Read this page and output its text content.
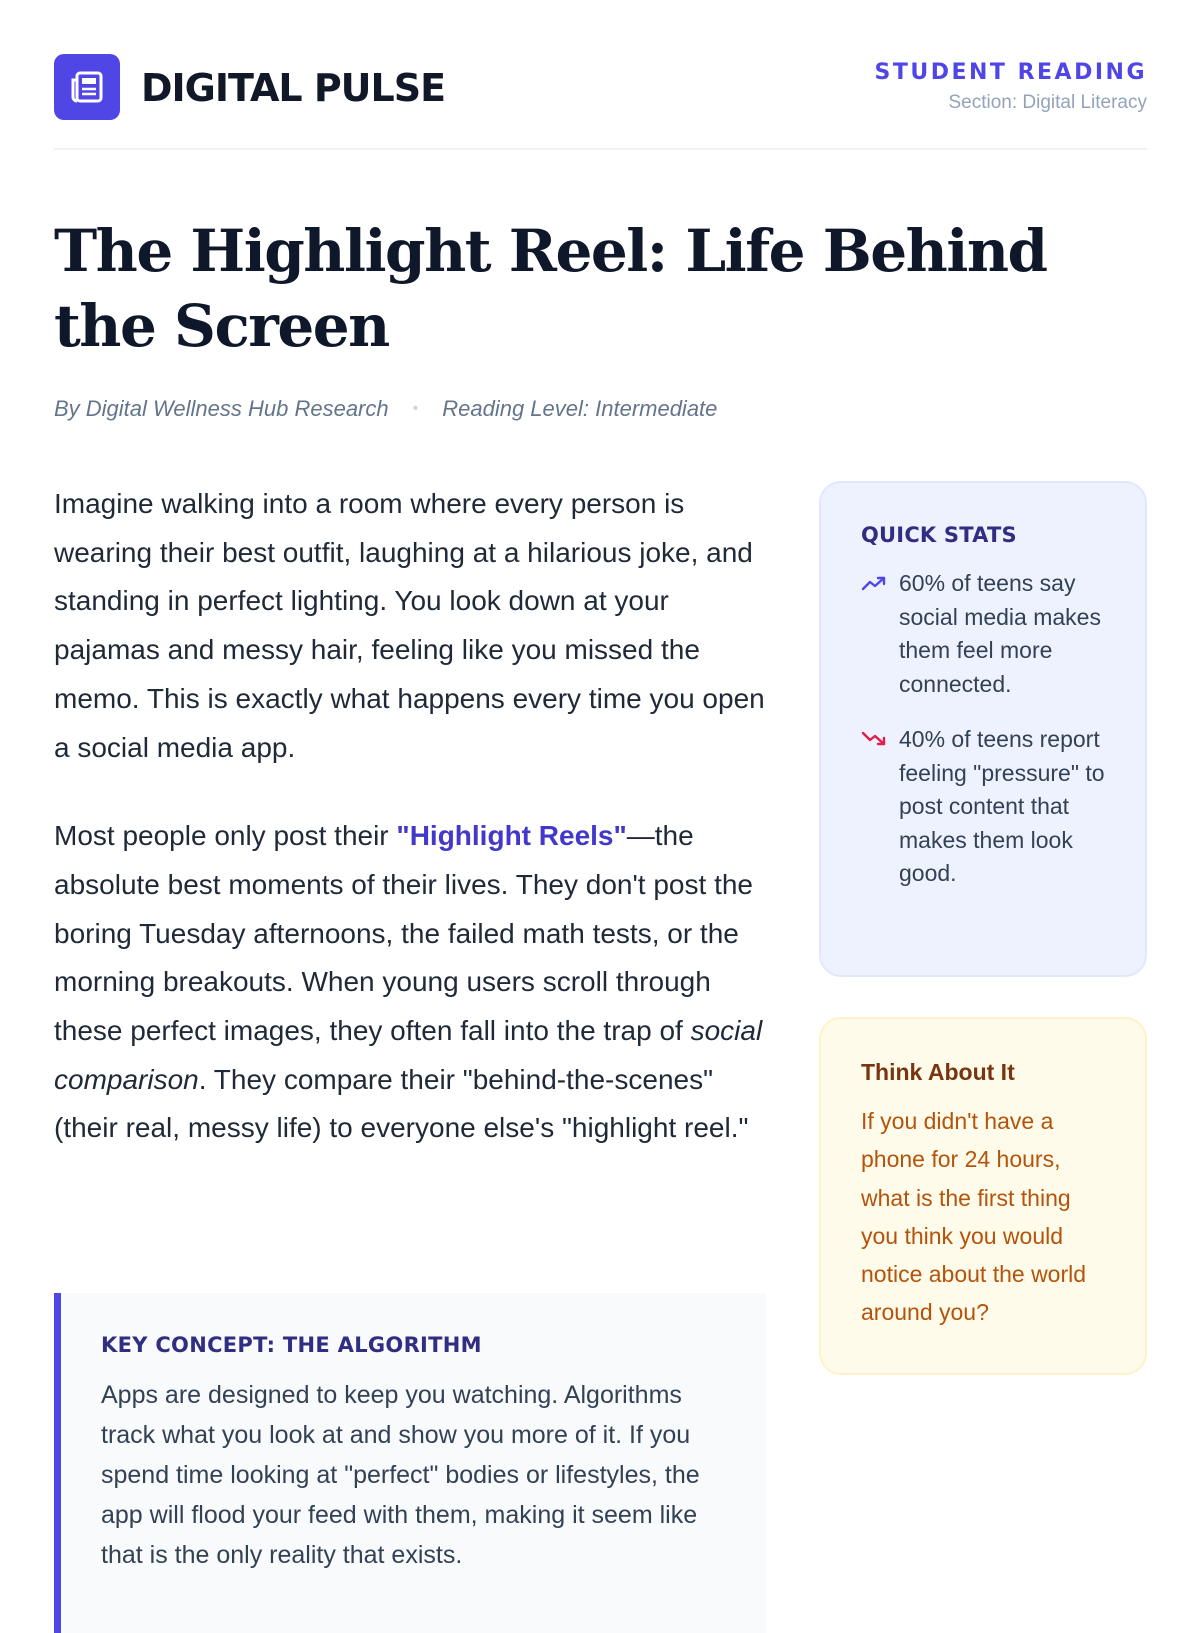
DIGITAL PULSE	STUDENT READING
Section: Digital Literacy
The Highlight Reel: Life Behind the Screen
By Digital Wellness Hub Research • Reading Level: Intermediate

Imagine walking into a room where every person is wearing their best outfit, laughing at a hilarious joke, and standing in perfect lighting. You look down at your pajamas and messy hair, feeling like you missed the memo. This is exactly what happens every time you open a social media app.

Most people only post their "Highlight Reels"—the absolute best moments of their lives. They don't post the boring Tuesday afternoons, the failed math tests, or the morning breakouts. When young users scroll through these perfect images, they often fall into the trap of social comparison. They compare their "behind-the-scenes" (their real, messy life) to everyone else's "highlight reel."

KEY CONCEPT: THE ALGORITHM
Apps are designed to keep you watching. Algorithms track what you look at and show you more of it. If you spend time looking at "perfect" bodies or lifestyles, the app will flood your feed with them, making it seem like that is the only reality that exists.
QUICK STATS
60% of teens say social media makes them feel more connected.
40% of teens report feeling "pressure" to post content that makes them look good.
Think About It
If you didn't have a phone for 24 hours, what is the first thing you think you would notice about the world around you?
